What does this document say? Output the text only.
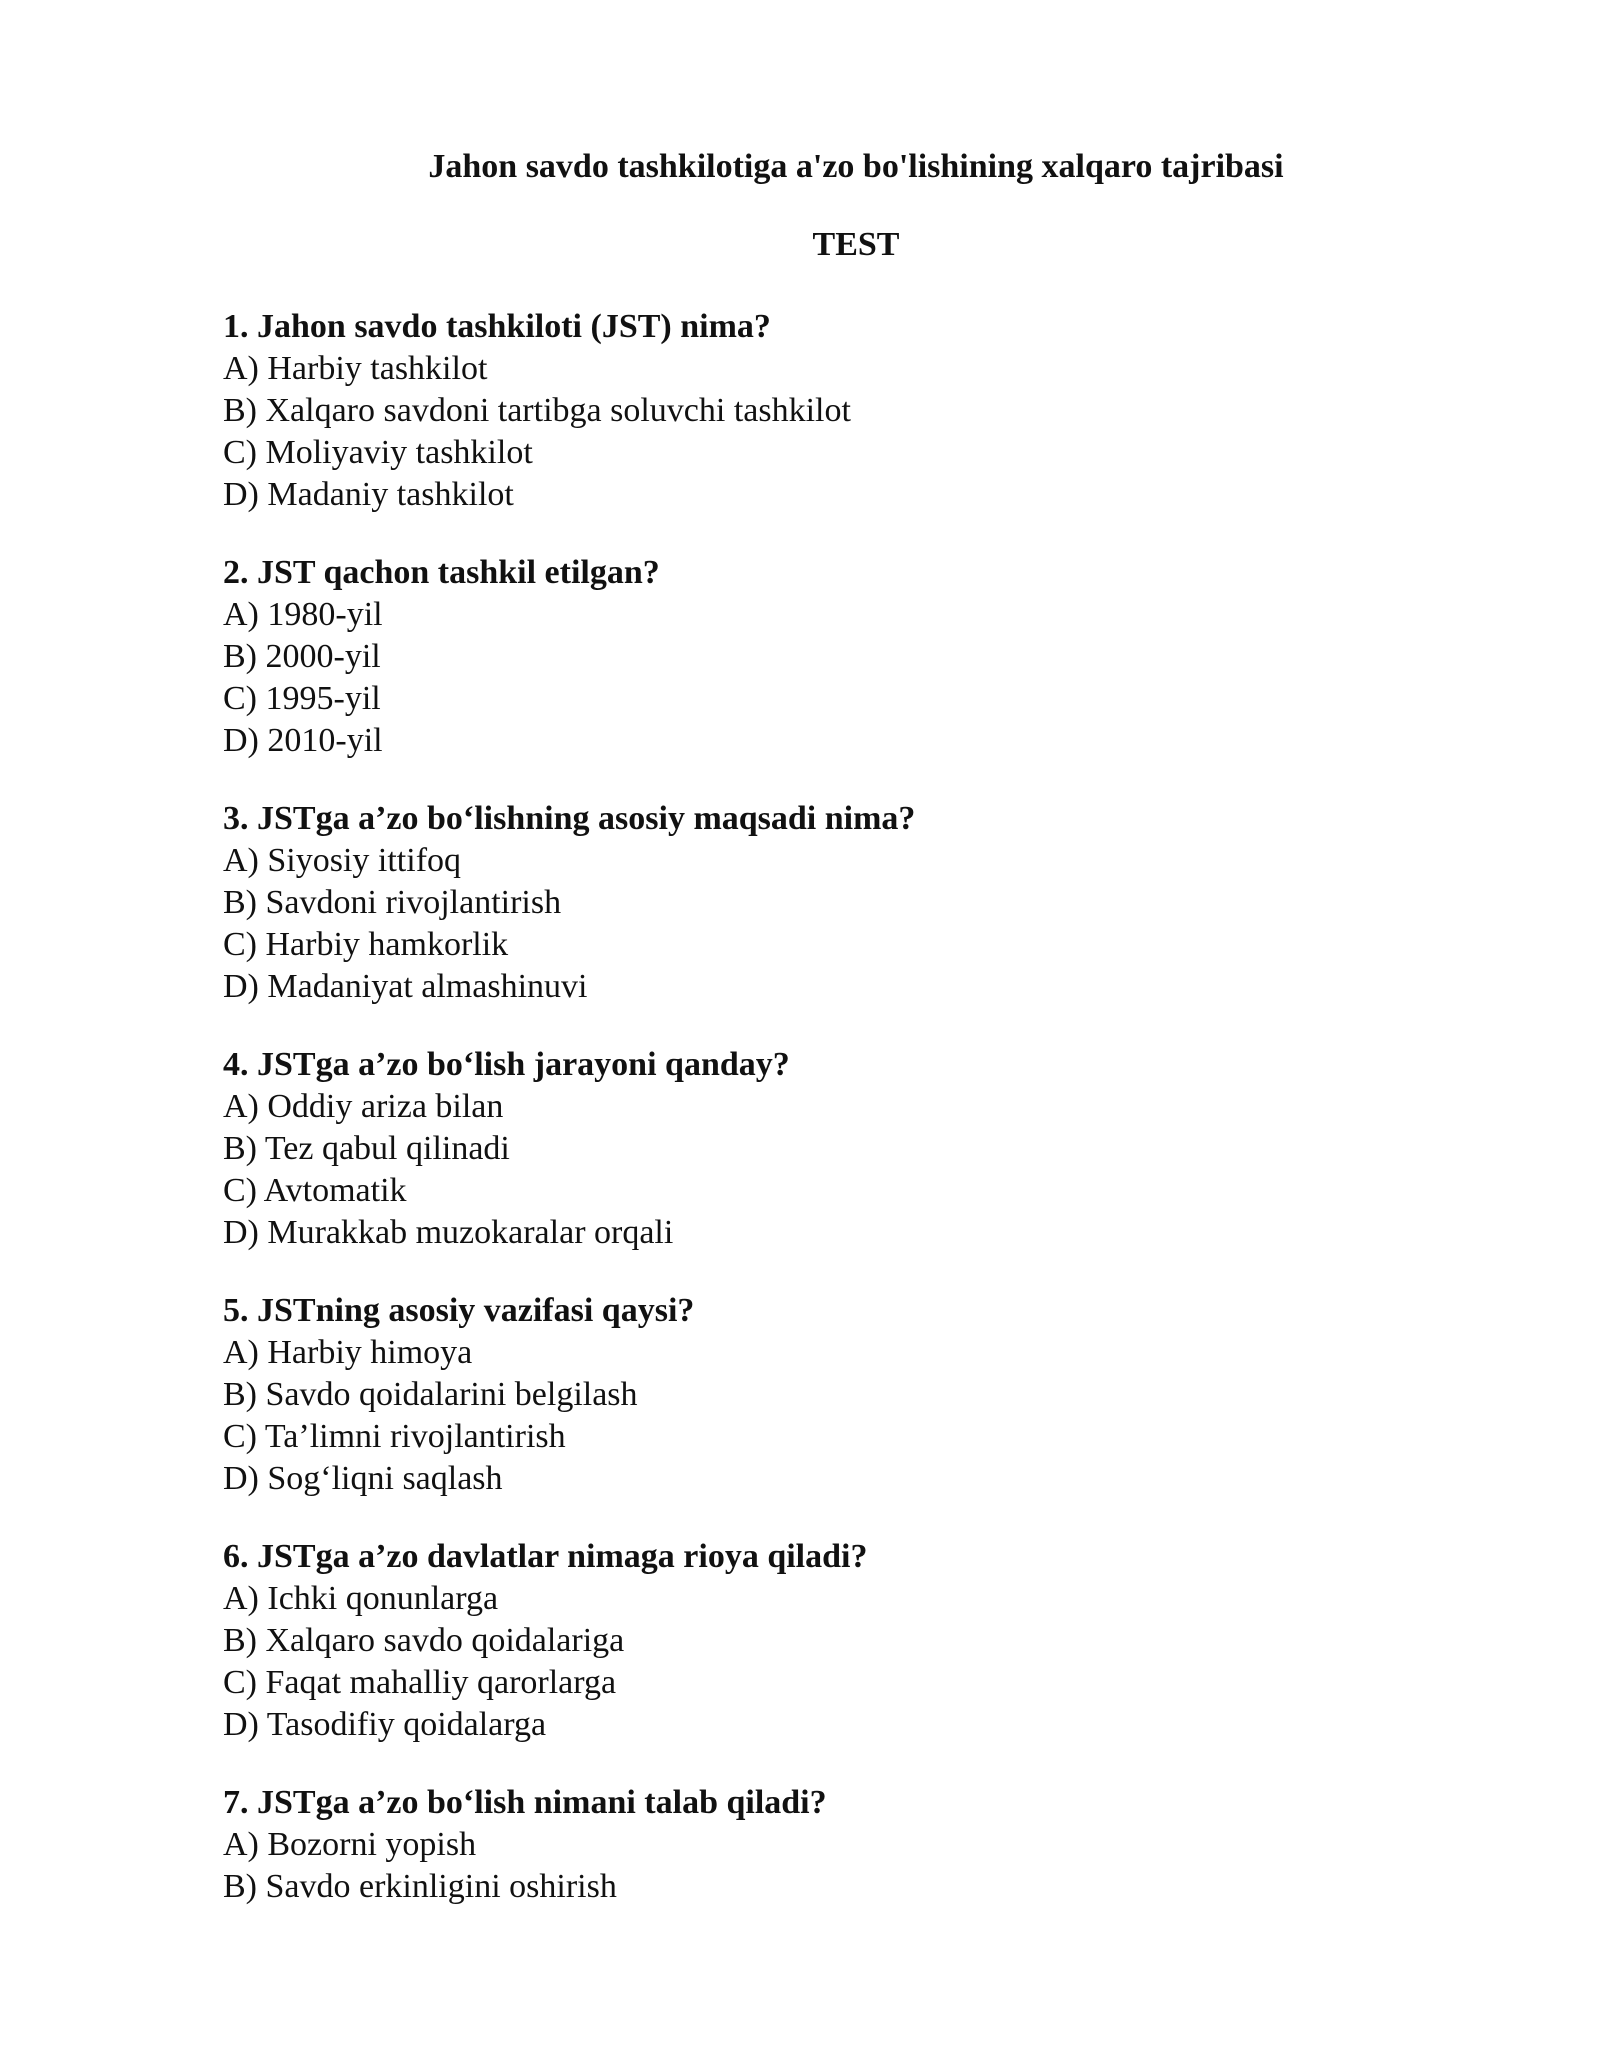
Jahon savdo tashkilotiga a'zo bo'lishining xalqaro tajribasi
TEST
1. Jahon savdo tashkiloti (JST) nima?
A) Harbiy tashkilot
B) Xalqaro savdoni tartibga soluvchi tashkilot
C) Moliyaviy tashkilot
D) Madaniy tashkilot
2. JST qachon tashkil etilgan?
A) 1980-yil
B) 2000-yil
C) 1995-yil
D) 2010-yil
3. JSTga a’zo bo‘lishning asosiy maqsadi nima?
A) Siyosiy ittifoq
B) Savdoni rivojlantirish
C) Harbiy hamkorlik
D) Madaniyat almashinuvi
4. JSTga a’zo bo‘lish jarayoni qanday?
A) Oddiy ariza bilan
B) Tez qabul qilinadi
C) Avtomatik
D) Murakkab muzokaralar orqali
5. JSTning asosiy vazifasi qaysi?
A) Harbiy himoya
B) Savdo qoidalarini belgilash
C) Ta’limni rivojlantirish
D) Sog‘liqni saqlash
6. JSTga a’zo davlatlar nimaga rioya qiladi?
A) Ichki qonunlarga
B) Xalqaro savdo qoidalariga
C) Faqat mahalliy qarorlarga
D) Tasodifiy qoidalarga
7. JSTga a’zo bo‘lish nimani talab qiladi?
A) Bozorni yopish
B) Savdo erkinligini oshirish
